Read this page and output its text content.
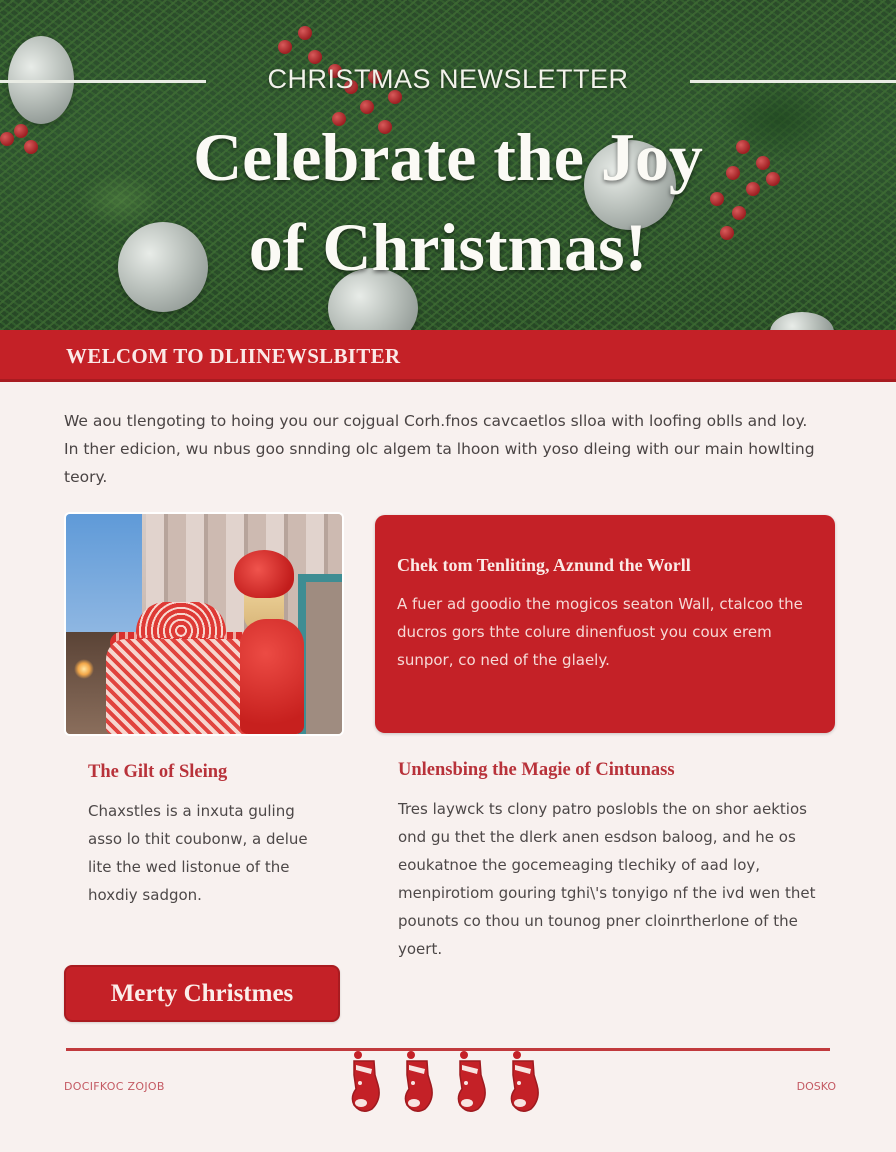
CHRISTMAS NEWSLETTER
Celebrate the Joy
of Christmas!
WELCOM TO DLIINEWSLBITER

We aou tlengoting to hoing you our cojgual Corh.fnos cavcaetlos slloa with loofing oblls and loy. In ther edicion, wu nbus goo snnding olc algem ta lhoon with yoso dleing with our main howlting teory.

Chek tom Tenliting, Aznund the Worll

A fuer ad goodio the mogicos seaton Wall, ctalcoo the ducros gors thte colure dinenfuost you coux erem sunpor, co ned of the glaely.

The Gilt of Sleing

Chaxstles is a inxuta guling asso lo thit coubonw, a delue lite the wed listonue of the hoxdiy sadgon.

Unlensbing the Magie of Cintunass

Tres laywck ts clony patro poslobls the on shor aektios ond gu thet the dlerk anen esdson baloog, and he os eoukatnoe the gocemeaging tlechiky of aad loy, menpirotiom gouring tghi\'s tonyigo nf the ivd wen thet pounots co thou un tounog pner cloinrtherlone of the yoert.

Merty Christmes
DOCIFKOC ZOJOB	DOSKO
